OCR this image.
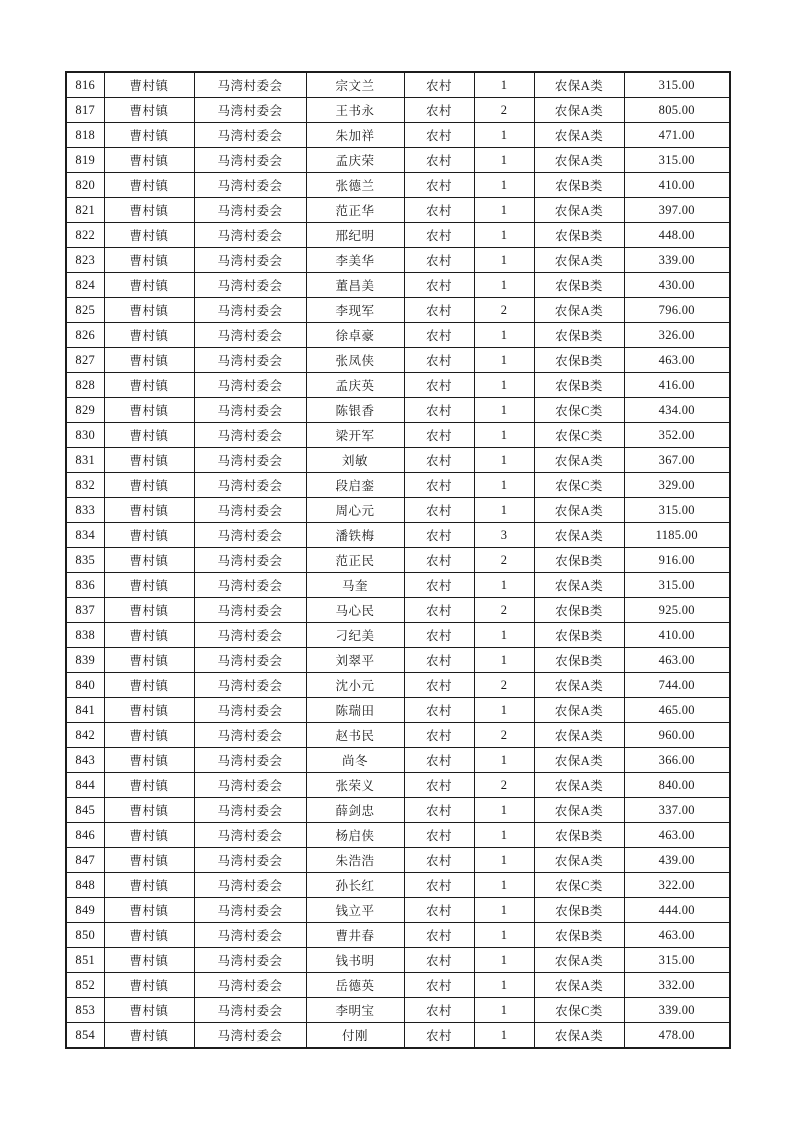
816	曹村镇	马湾村委会	宗文兰	农村	1	农保A类	315.00
817	曹村镇	马湾村委会	王书永	农村	2	农保A类	805.00
818	曹村镇	马湾村委会	朱加祥	农村	1	农保A类	471.00
819	曹村镇	马湾村委会	孟庆荣	农村	1	农保A类	315.00
820	曹村镇	马湾村委会	张德兰	农村	1	农保B类	410.00
821	曹村镇	马湾村委会	范正华	农村	1	农保A类	397.00
822	曹村镇	马湾村委会	邢纪明	农村	1	农保B类	448.00
823	曹村镇	马湾村委会	李美华	农村	1	农保A类	339.00
824	曹村镇	马湾村委会	董昌美	农村	1	农保B类	430.00
825	曹村镇	马湾村委会	李现军	农村	2	农保A类	796.00
826	曹村镇	马湾村委会	徐卓豪	农村	1	农保B类	326.00
827	曹村镇	马湾村委会	张凤侠	农村	1	农保B类	463.00
828	曹村镇	马湾村委会	孟庆英	农村	1	农保B类	416.00
829	曹村镇	马湾村委会	陈银香	农村	1	农保C类	434.00
830	曹村镇	马湾村委会	梁开军	农村	1	农保C类	352.00
831	曹村镇	马湾村委会	刘敏	农村	1	农保A类	367.00
832	曹村镇	马湾村委会	段启銮	农村	1	农保C类	329.00
833	曹村镇	马湾村委会	周心元	农村	1	农保A类	315.00
834	曹村镇	马湾村委会	潘铁梅	农村	3	农保A类	1185.00
835	曹村镇	马湾村委会	范正民	农村	2	农保B类	916.00
836	曹村镇	马湾村委会	马奎	农村	1	农保A类	315.00
837	曹村镇	马湾村委会	马心民	农村	2	农保B类	925.00
838	曹村镇	马湾村委会	刁纪美	农村	1	农保B类	410.00
839	曹村镇	马湾村委会	刘翠平	农村	1	农保B类	463.00
840	曹村镇	马湾村委会	沈小元	农村	2	农保A类	744.00
841	曹村镇	马湾村委会	陈瑞田	农村	1	农保A类	465.00
842	曹村镇	马湾村委会	赵书民	农村	2	农保A类	960.00
843	曹村镇	马湾村委会	尚冬	农村	1	农保A类	366.00
844	曹村镇	马湾村委会	张荣义	农村	2	农保A类	840.00
845	曹村镇	马湾村委会	薛剑忠	农村	1	农保A类	337.00
846	曹村镇	马湾村委会	杨启侠	农村	1	农保B类	463.00
847	曹村镇	马湾村委会	朱浩浩	农村	1	农保A类	439.00
848	曹村镇	马湾村委会	孙长红	农村	1	农保C类	322.00
849	曹村镇	马湾村委会	钱立平	农村	1	农保B类	444.00
850	曹村镇	马湾村委会	曹井春	农村	1	农保B类	463.00
851	曹村镇	马湾村委会	钱书明	农村	1	农保A类	315.00
852	曹村镇	马湾村委会	岳德英	农村	1	农保A类	332.00
853	曹村镇	马湾村委会	李明宝	农村	1	农保C类	339.00
854	曹村镇	马湾村委会	付刚	农村	1	农保A类	478.00
